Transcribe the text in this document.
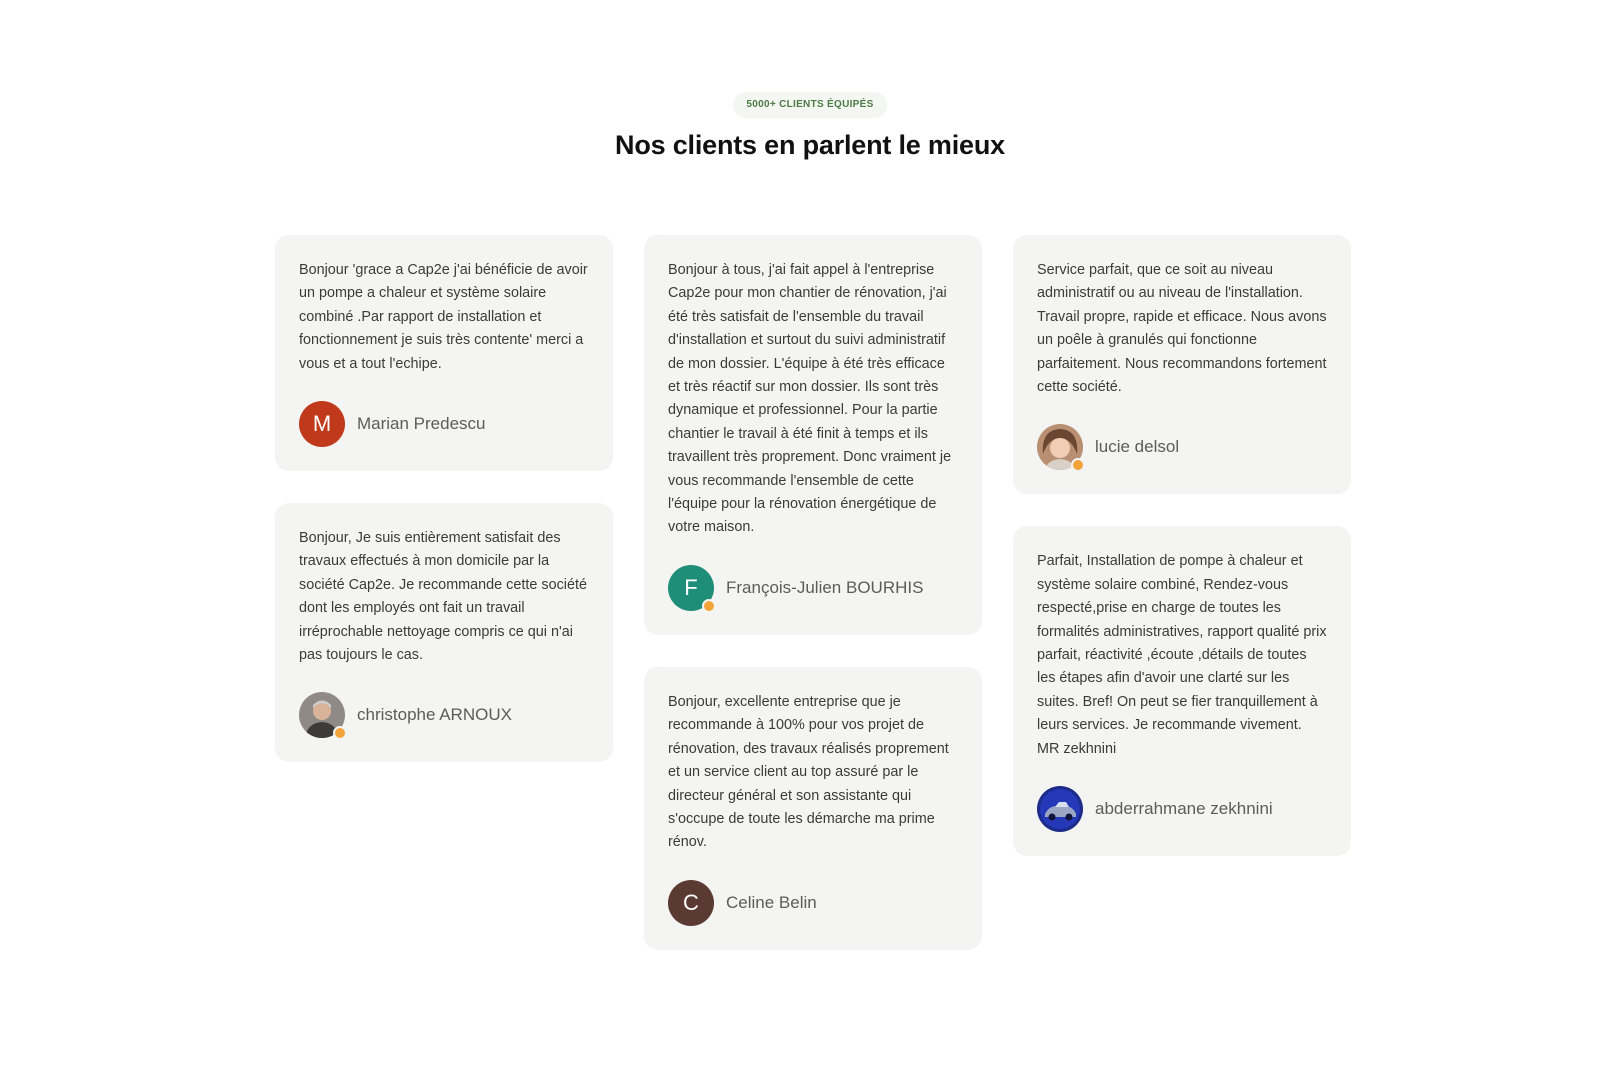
5000+ CLIENTS ÉQUIPÉS
Nos clients en parlent le mieux

Bonjour 'grace a Cap2e j'ai bénéficie de avoir un pompe a chaleur et système solaire combiné .Par rapport de installation et fonctionnement je suis très contente' merci a vous et a tout l'echipe.

M Marian Predescu

Bonjour, Je suis entièrement satisfait des travaux effectués à mon domicile par la société Cap2e. Je recommande cette société dont les employés ont fait un travail irréprochable nettoyage compris ce qui n'ai pas toujours le cas.

christophe ARNOUX

Bonjour à tous, j'ai fait appel à l'entreprise Cap2e pour mon chantier de rénovation, j'ai été très satisfait de l'ensemble du travail d'installation et surtout du suivi administratif de mon dossier. L'équipe à été très efficace et très réactif sur mon dossier. Ils sont très dynamique et professionnel. Pour la partie chantier le travail à été finit à temps et ils travaillent très proprement. Donc vraiment je vous recommande l'ensemble de cette l'équipe pour la rénovation énergétique de votre maison.

F François-Julien BOURHIS

Bonjour, excellente entreprise que je recommande à 100% pour vos projet de rénovation, des travaux réalisés proprement et un service client au top assuré par le directeur général et son assistante qui s'occupe de toute les démarche ma prime rénov.

C Celine Belin

Service parfait, que ce soit au niveau administratif ou au niveau de l'installation. Travail propre, rapide et efficace. Nous avons un poêle à granulés qui fonctionne parfaitement. Nous recommandons fortement cette société.

lucie delsol

Parfait, Installation de pompe à chaleur et système solaire combiné, Rendez-vous respecté,prise en charge de toutes les formalités administratives, rapport qualité prix parfait, réactivité ,écoute ,détails de toutes les étapes afin d'avoir une clarté sur les suites. Bref! On peut se fier tranquillement à leurs services. Je recommande vivement. MR zekhnini

abderrahmane zekhnini
